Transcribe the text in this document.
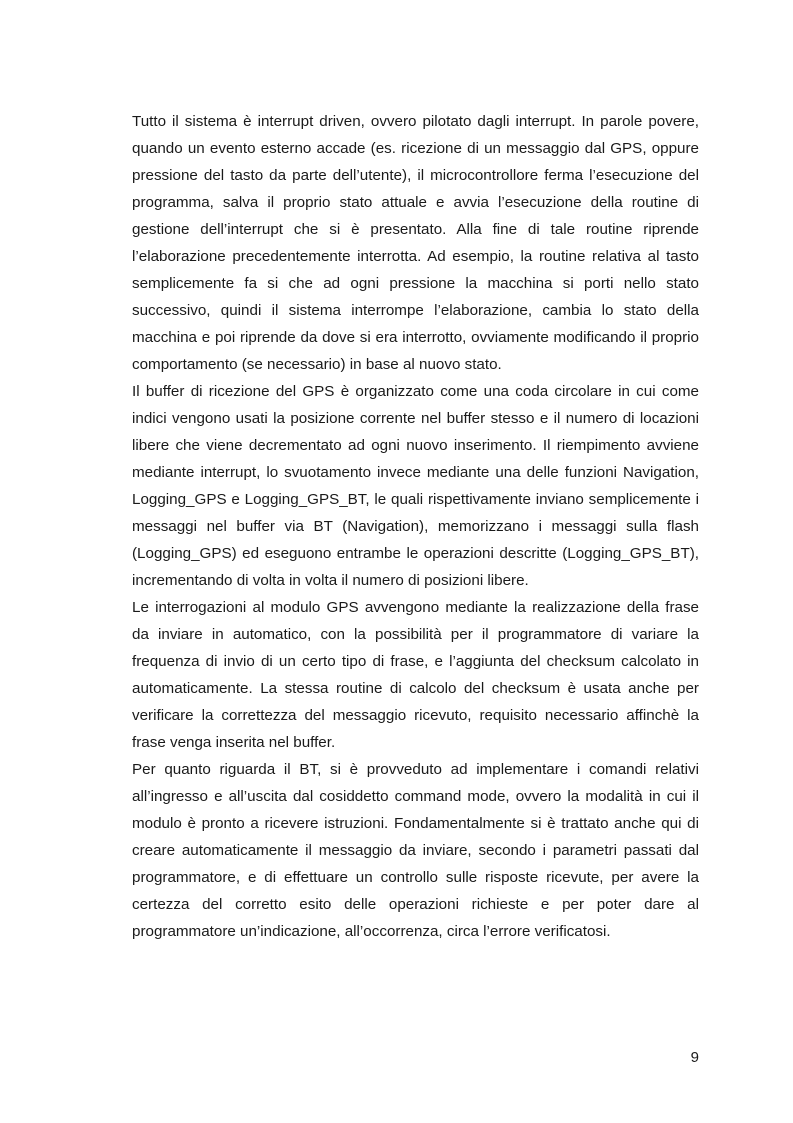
Tutto il sistema è interrupt driven, ovvero pilotato dagli interrupt. In parole povere, quando un evento esterno accade (es. ricezione di un messaggio dal GPS, oppure pressione del tasto da parte dell’utente), il microcontrollore ferma l’esecuzione del programma, salva il proprio stato attuale e avvia l’esecuzione della routine di gestione dell’interrupt che si è presentato. Alla fine di tale routine riprende l’elaborazione precedentemente interrotta. Ad esempio, la routine relativa al tasto semplicemente fa si che ad ogni pressione la macchina si porti nello stato successivo, quindi il sistema interrompe l’elaborazione, cambia lo stato della macchina e poi riprende da dove si era interrotto, ovviamente modificando il proprio comportamento (se necessario) in base al nuovo stato.

Il buffer di ricezione del GPS è organizzato come una coda circolare in cui come indici vengono usati la posizione corrente nel buffer stesso e il numero di locazioni libere che viene decrementato ad ogni nuovo inserimento. Il riempimento avviene mediante interrupt, lo svuotamento invece mediante una delle funzioni Navigation, Logging_GPS e Logging_GPS_BT, le quali rispettivamente inviano semplicemente i messaggi nel buffer via BT (Navigation), memorizzano i messaggi sulla flash (Logging_GPS) ed eseguono entrambe le operazioni descritte (Logging_GPS_BT), incrementando di volta in volta il numero di posizioni libere.

Le interrogazioni al modulo GPS avvengono mediante la realizzazione della frase da inviare in automatico, con la possibilità per il programmatore di variare la frequenza di invio di un certo tipo di frase, e l’aggiunta del checksum calcolato in automaticamente. La stessa routine di calcolo del checksum è usata anche per verificare la correttezza del messaggio ricevuto, requisito necessario affinchè la frase venga inserita nel buffer.

Per quanto riguarda il BT, si è provveduto ad implementare i comandi relativi all’ingresso e all’uscita dal cosiddetto command mode, ovvero la modalità in cui il modulo è pronto a ricevere istruzioni. Fondamentalmente si è trattato anche qui di creare automaticamente il messaggio da inviare, secondo i parametri passati dal programmatore, e di effettuare un controllo sulle risposte ricevute, per avere la certezza del corretto esito delle operazioni richieste e per poter dare al programmatore un’indicazione, all’occorrenza, circa l’errore verificatosi.

9
